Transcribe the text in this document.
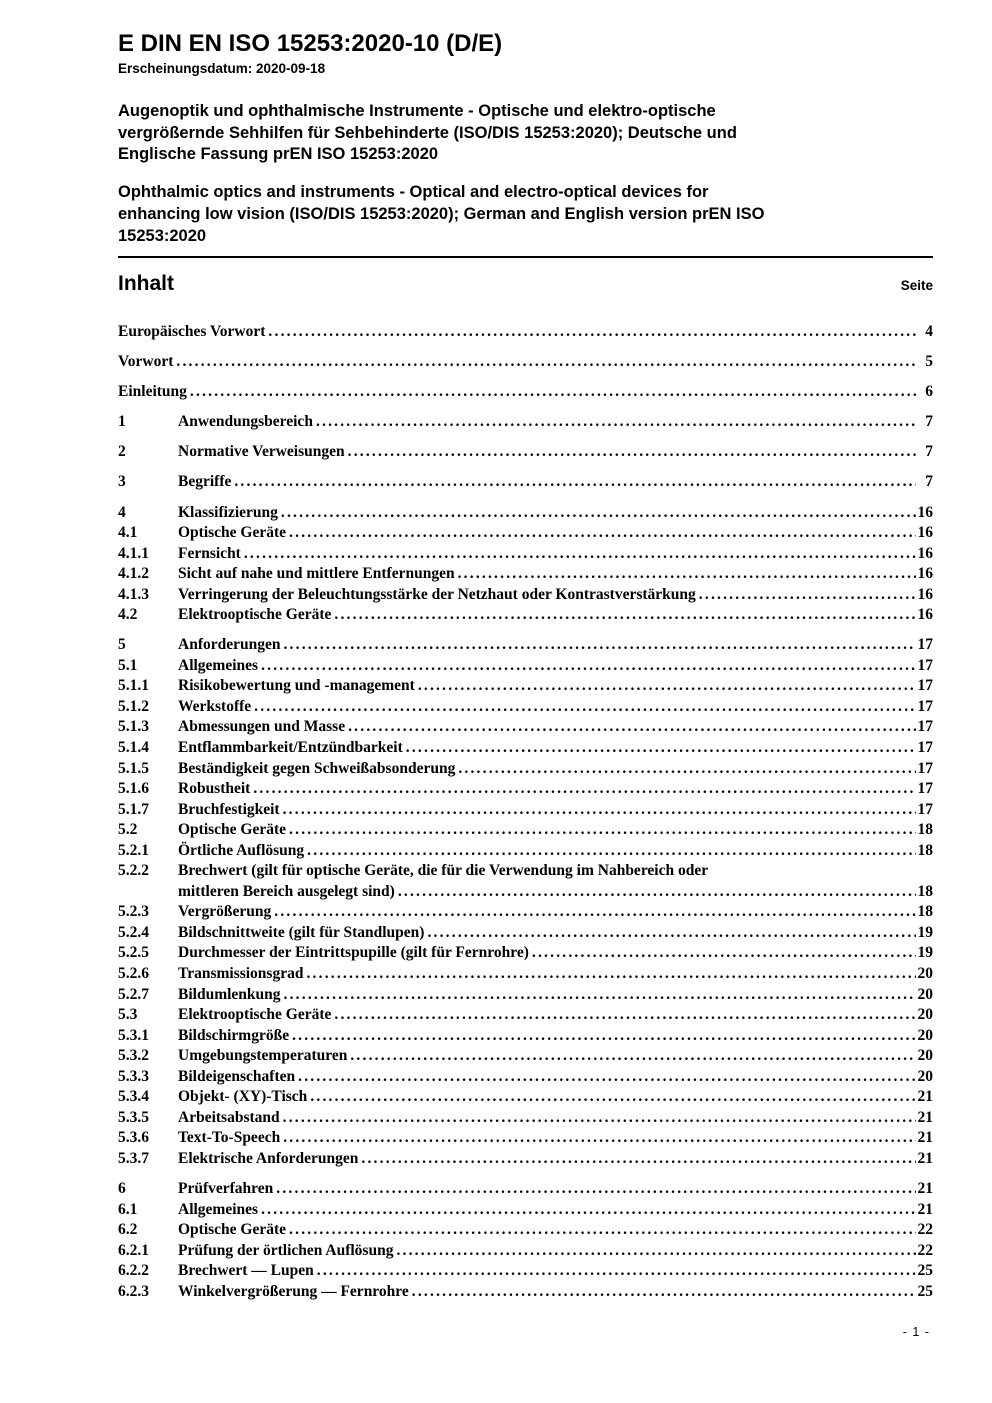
E DIN EN ISO 15253:2020-10 (D/E)
Erscheinungsdatum: 2020-09-18

Augenoptik und ophthalmische Instrumente - Optische und elektro-optische
vergrößernde Sehhilfen für Sehbehinderte (ISO/DIS 15253:2020); Deutsche und
Englische Fassung prEN ISO 15253:2020

Ophthalmic optics and instruments - Optical and electro-optical devices for
enhancing low vision (ISO/DIS 15253:2020); German and English version prEN ISO
15253:2020

Inhalt	Seite
Europäisches Vorwort .....	4
Vorwort .....	5
Einleitung .....	6
1	Anwendungsbereich .....	7
2	Normative Verweisungen .....	7
3	Begriffe .....	7
4	Klassifizierung .....	16
4.1	Optische Geräte .....	16
4.1.1	Fernsicht .....	16
4.1.2	Sicht auf nahe und mittlere Entfernungen .....	16
4.1.3	Verringerung der Beleuchtungsstärke der Netzhaut oder Kontrastverstärkung .....	16
4.2	Elektrooptische Geräte .....	16
5	Anforderungen .....	17
5.1	Allgemeines .....	17
5.1.1	Risikobewertung und -management .....	17
5.1.2	Werkstoffe .....	17
5.1.3	Abmessungen und Masse .....	17
5.1.4	Entflammbarkeit/Entzündbarkeit .....	17
5.1.5	Beständigkeit gegen Schweißabsonderung .....	17
5.1.6	Robustheit .....	17
5.1.7	Bruchfestigkeit .....	17
5.2	Optische Geräte .....	18
5.2.1	Örtliche Auflösung .....	18
5.2.2	Brechwert (gilt für optische Geräte, die für die Verwendung im Nahbereich oder
mittleren Bereich ausgelegt sind) .....	18
5.2.3	Vergrößerung .....	18
5.2.4	Bildschnittweite (gilt für Standlupen) .....	19
5.2.5	Durchmesser der Eintrittspupille (gilt für Fernrohre) .....	19
5.2.6	Transmissionsgrad .....	20
5.2.7	Bildumlenkung .....	20
5.3	Elektrooptische Geräte .....	20
5.3.1	Bildschirmgröße .....	20
5.3.2	Umgebungstemperaturen .....	20
5.3.3	Bildeigenschaften .....	20
5.3.4	Objekt- (XY)-Tisch .....	21
5.3.5	Arbeitsabstand .....	21
5.3.6	Text-To-Speech .....	21
5.3.7	Elektrische Anforderungen .....	21
6	Prüfverfahren .....	21
6.1	Allgemeines .....	21
6.2	Optische Geräte .....	22
6.2.1	Prüfung der örtlichen Auflösung .....	22
6.2.2	Brechwert — Lupen .....	25
6.2.3	Winkelvergrößerung — Fernrohre .....	25
- 1 -
